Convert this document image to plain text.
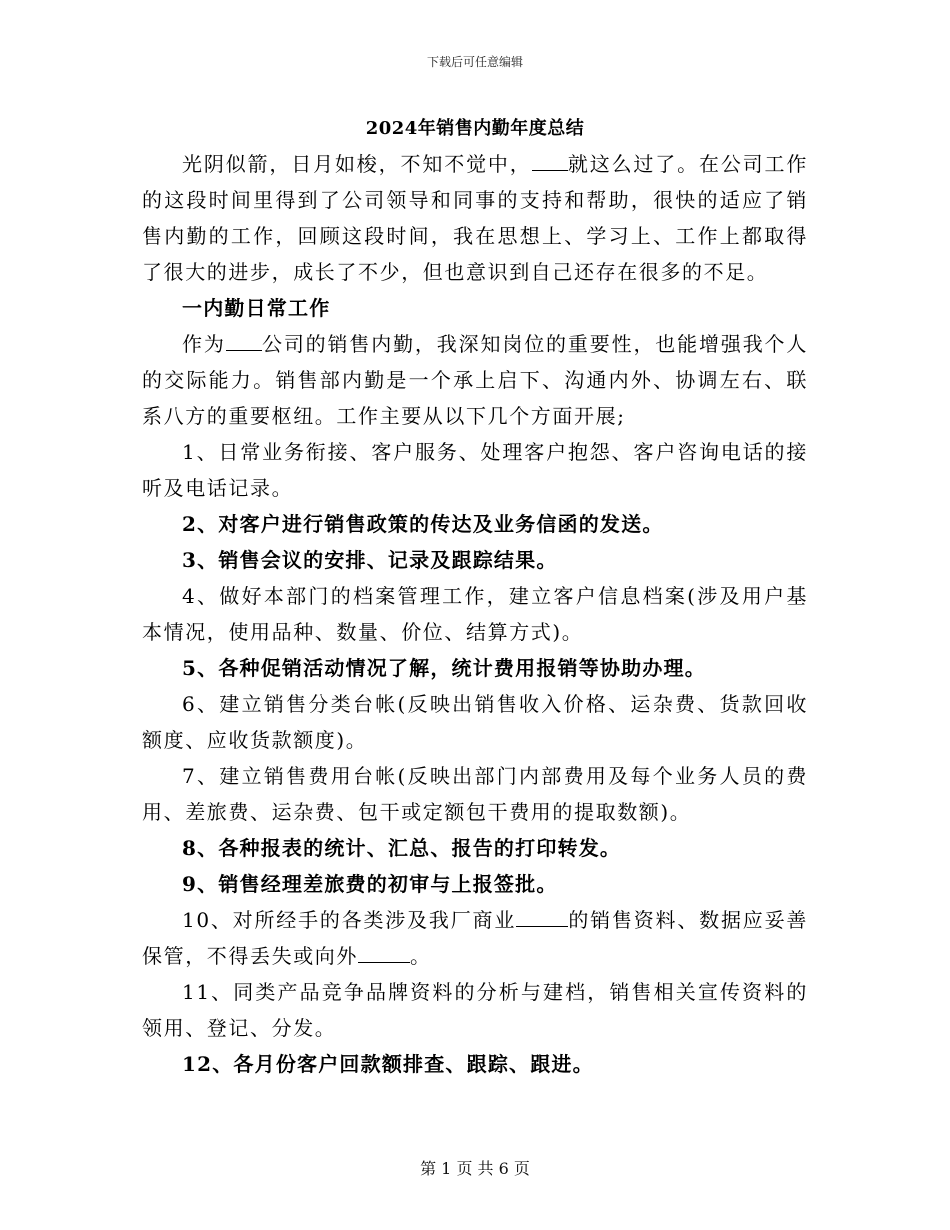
下载后可任意编辑
2024年销售内勤年度总结

光阴似箭，日月如梭，不知不觉中， 就这么过了。在公司工作的这段时间里得到了公司领导和同事的支持和帮助，很快的适应了销售内勤的工作，回顾这段时间，我在思想上、学习上、工作上都取得了很大的进步，成长了不少，但也意识到自己还存在很多的不足。

一内勤日常工作

作为 公司的销售内勤，我深知岗位的重要性，也能增强我个人的交际能力。销售部内勤是一个承上启下、沟通内外、协调左右、联系八方的重要枢纽。工作主要从以下几个方面开展;

1、日常业务衔接、客户服务、处理客户抱怨、客户咨询电话的接听及电话记录。

2、对客户进行销售政策的传达及业务信函的发送。

3、销售会议的安排、记录及跟踪结果。

4、做好本部门的档案管理工作，建立客户信息档案(涉及用户基本情况，使用品种、数量、价位、结算方式)。

5、各种促销活动情况了解，统计费用报销等协助办理。

6、建立销售分类台帐(反映出销售收入价格、运杂费、货款回收额度、应收货款额度)。

7、建立销售费用台帐(反映出部门内部费用及每个业务人员的费用、差旅费、运杂费、包干或定额包干费用的提取数额)。

8、各种报表的统计、汇总、报告的打印转发。

9、销售经理差旅费的初审与上报签批。

10、对所经手的各类涉及我厂商业	的销售资料、数据应妥善保管，不得丢失或向外	。

11、同类产品竞争品牌资料的分析与建档，销售相关宣传资料的领用、登记、分发。

12、各月份客户回款额排查、跟踪、跟进。

第 1 页 共 6 页
